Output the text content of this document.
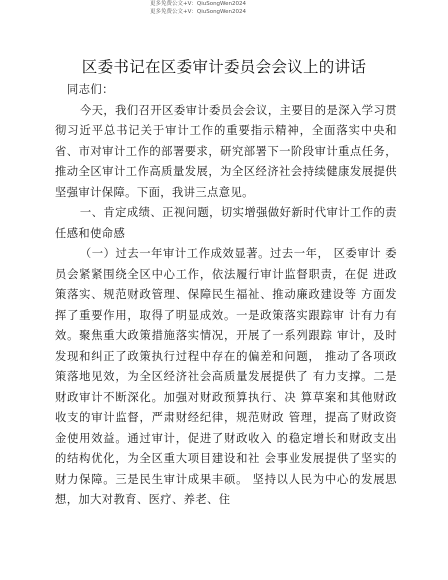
更多免费公文+V：QiuSongWen2024
更多免费公文+V：QiuSongWen2024
区委书记在区委审计委员会会议上的讲话

同志们：

今天，我们召开区委审计委员会会议，主要目的是深入学习贯彻习近平总书记关于审计工作的重要指示精神，全面落实中央和省、市对审计工作的部署要求，研究部署下一阶段审计重点任务，推动全区审计工作高质量发展，为全区经济社会持续健康发展提供坚强审计保障。下面，我讲三点意见。

一、肯定成绩、正视问题，切实增强做好新时代审计工作的责任感和使命感

（一）过去一年审计工作成效显著。过去一年， 区委审计 委员会紧紧围绕全区中心工作，依法履行审计监督职责，在促 进政策落实、规范财政管理、保障民生福祉、推动廉政建设等 方面发挥了重要作用，取得了明显成效。一是政策落实跟踪审 计有力有效。聚焦重大政策措施落实情况，开展了一系列跟踪 审计，及时发现和纠正了政策执行过程中存在的偏差和问题， 推动了各项政策落地见效，为全区经济社会高质量发展提供了 有力支撑。二是财政审计不断深化。加强对财政预算执行、决 算草案和其他财政收支的审计监督，严肃财经纪律，规范财政 管理，提高了财政资金使用效益。通过审计，促进了财政收入 的稳定增长和财政支出的结构优化，为全区重大项目建设和社 会事业发展提供了坚实的财力保障。三是民生审计成果丰硕。 坚持以人民为中心的发展思想，加大对教育、医疗、养老、住
